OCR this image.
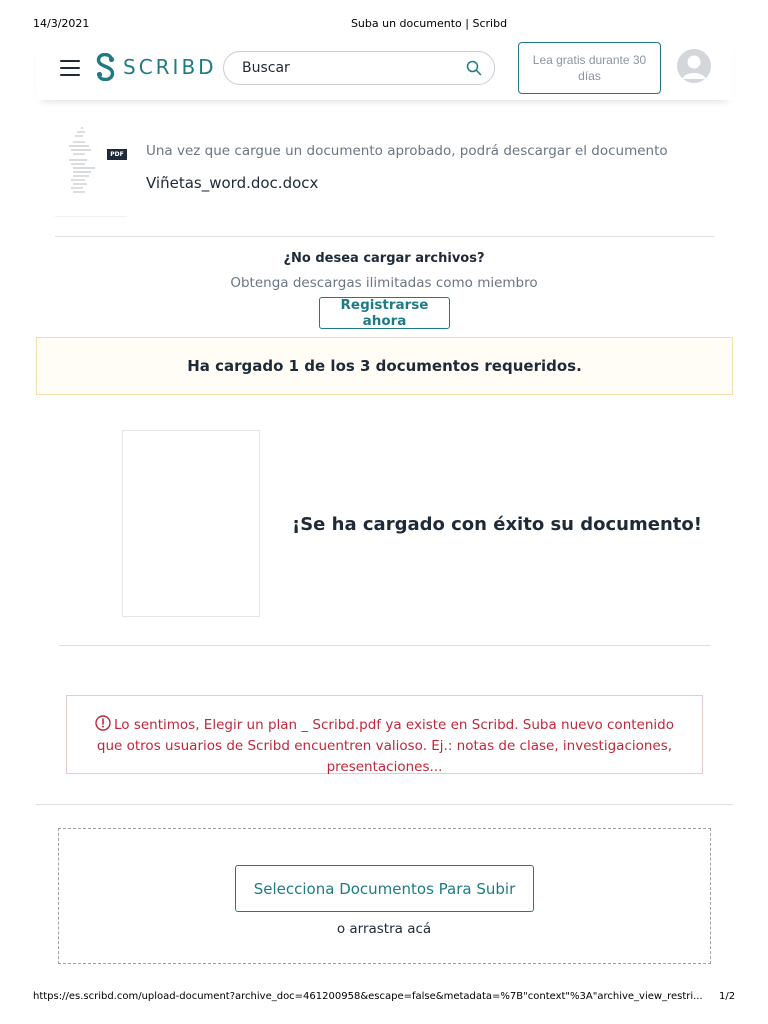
14/3/2021	Suba un documento | Scribd
SCRIBD
Buscar	Lea gratis durante 30 días
PDF Una vez que cargue un documento aprobado, podrá descargar el documento
Viñetas_word.doc.docx
¿No desea cargar archivos?
Obtenga descargas ilimitadas como miembro
Registrarse ahora
Ha cargado 1 de los 3 documentos requeridos.
¡Se ha cargado con éxito su documento!
Lo sentimos, Elegir un plan _ Scribd.pdf ya existe en Scribd. Suba nuevo contenido que otros usuarios de Scribd encuentren valioso. Ej.: notas de clase, investigaciones, presentaciones...
Selecciona Documentos Para Subir
o arrastra acá
https://es.scribd.com/upload-document?archive_doc=461200958&escape=false&metadata=%7B"context"%3A"archive_view_restri...	1/2
